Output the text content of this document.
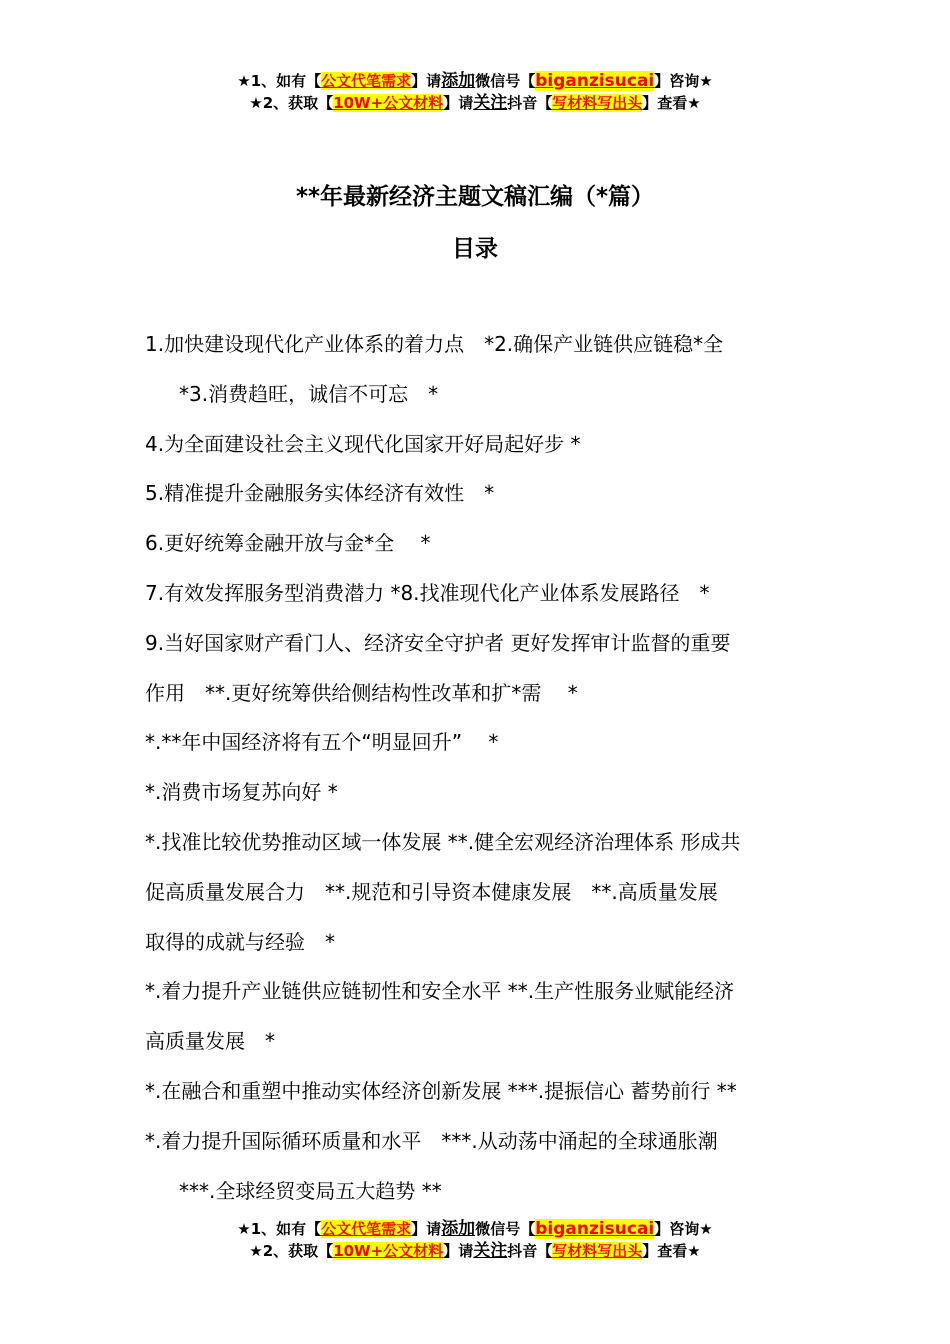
★1、如有【公文代笔需求】请添加微信号【biganzisucai】咨询★
★2、获取【10W+公文材料】请关注抖音【写材料写出头】查看★
**年最新经济主题文稿汇编（*篇）
目录
1.加快建设现代化产业体系的着力点　*2.确保产业链供应链稳*全
*3.消费趋旺，诚信不可忘　*
4.为全面建设社会主义现代化国家开好局起好步 *
5.精准提升金融服务实体经济有效性　*
6.更好统筹金融开放与金*全　 *
7.有效发挥服务型消费潜力 *8.找准现代化产业体系发展路径　*
9.当好国家财产看门人、经济安全守护者 更好发挥审计监督的重要
作用　**.更好统筹供给侧结构性改革和扩*需　 *
*.**年中国经济将有五个“明显回升”　 *
*.消费市场复苏向好 *
*.找准比较优势推动区域一体发展 **.健全宏观经济治理体系 形成共
促高质量发展合力　**.规范和引导资本健康发展　**.高质量发展
取得的成就与经验　*
*.着力提升产业链供应链韧性和安全水平 **.生产性服务业赋能经济
高质量发展　*
*.在融合和重塑中推动实体经济创新发展 ***.提振信心 蓄势前行 **
*.着力提升国际循环质量和水平　***.从动荡中涌起的全球通胀潮
***.全球经贸变局五大趋势 **
★1、如有【公文代笔需求】请添加微信号【biganzisucai】咨询★
★2、获取【10W+公文材料】请关注抖音【写材料写出头】查看★
